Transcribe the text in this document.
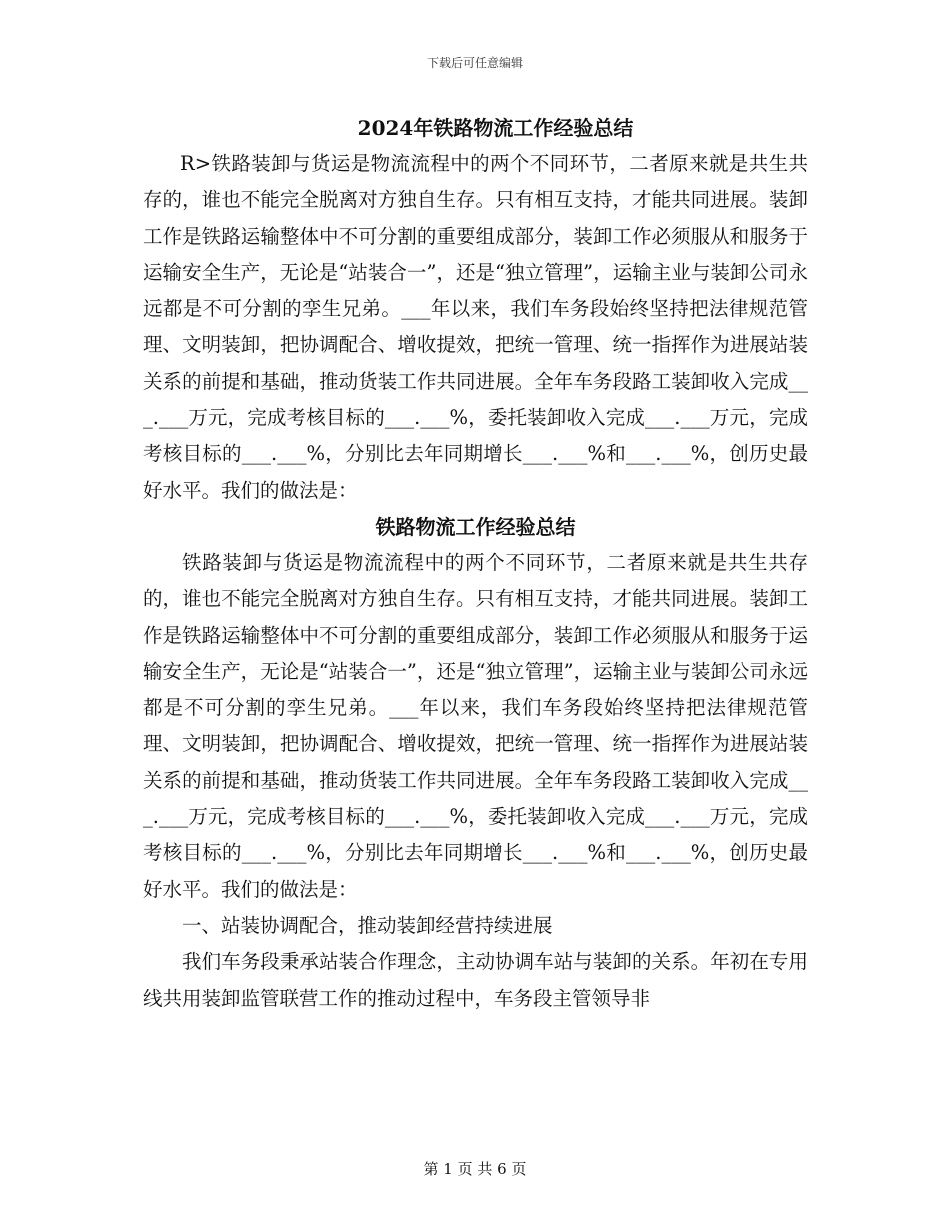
下载后可任意编辑
2024年铁路物流工作经验总结

R>铁路装卸与货运是物流流程中的两个不同环节，二者原来就是共生共存的，谁也不能完全脱离对方独自生存。只有相互支持，才能共同进展。装卸工作是铁路运输整体中不可分割的重要组成部分，装卸工作必须服从和服务于运输安全生产，无论是“站装合一”，还是“独立管理”，运输主业与装卸公司永远都是不可分割的孪生兄弟。___年以来，我们车务段始终坚持把法律规范管理、文明装卸，把协调配合、增收提效，把统一管理、统一指挥作为进展站装关系的前提和基础，推动货装工作共同进展。全年车务段路工装卸收入完成___.___万元，完成考核目标的___.___%，委托装卸收入完成___.___万元，完成考核目标的___.___%，分别比去年同期增长___.___%和___.___%，创历史最好水平。我们的做法是：

铁路物流工作经验总结

铁路装卸与货运是物流流程中的两个不同环节，二者原来就是共生共存的，谁也不能完全脱离对方独自生存。只有相互支持，才能共同进展。装卸工作是铁路运输整体中不可分割的重要组成部分，装卸工作必须服从和服务于运输安全生产，无论是“站装合一”，还是“独立管理”，运输主业与装卸公司永远都是不可分割的孪生兄弟。___年以来，我们车务段始终坚持把法律规范管理、文明装卸，把协调配合、增收提效，把统一管理、统一指挥作为进展站装关系的前提和基础，推动货装工作共同进展。全年车务段路工装卸收入完成___.___万元，完成考核目标的___.___%，委托装卸收入完成___.___万元，完成考核目标的___.___%，分别比去年同期增长___.___%和___.___%，创历史最好水平。我们的做法是：

一、站装协调配合，推动装卸经营持续进展

我们车务段秉承站装合作理念，主动协调车站与装卸的关系。年初在专用线共用装卸监管联营工作的推动过程中，车务段主管领导非

第 1 页 共 6 页
